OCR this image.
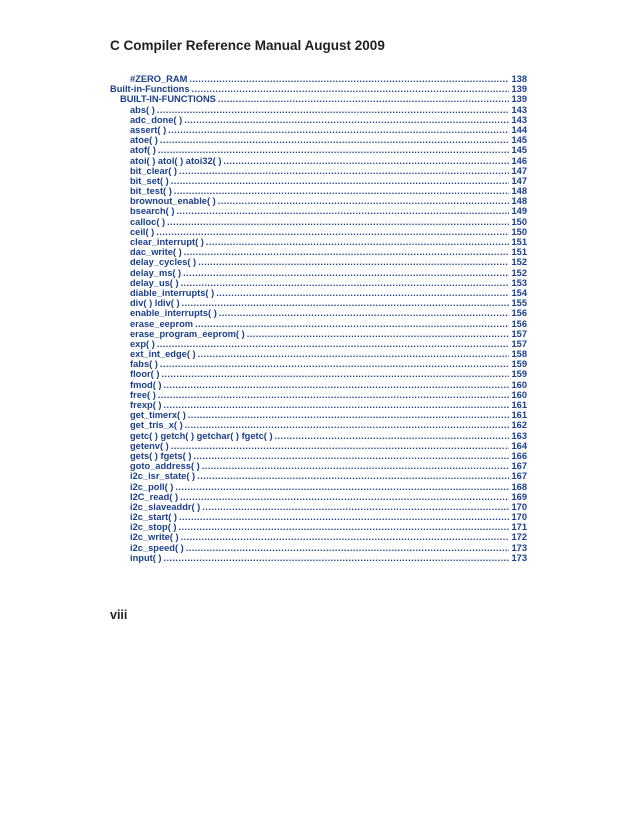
C Compiler Reference Manual August 2009
#ZERO_RAM .....	138
Built-in-Functions .....	139
BUILT-IN-FUNCTIONS .....	139
abs( ) .....	143
adc_done( ) .....	143
assert( ) .....	144
atoe( ) .....	145
atof( ) .....	145
atoi( ) atol( ) atoi32( ) .....	146
bit_clear( ) .....	147
bit_set( ) .....	147
bit_test( ) .....	148
brownout_enable( ) .....	148
bsearch( ) .....	149
calloc( ) .....	150
ceil( ) .....	150
clear_interrupt( ) .....	151
dac_write( ) .....	151
delay_cycles( ) .....	152
delay_ms( ) .....	152
delay_us( ) .....	153
diable_interrupts( ) .....	154
div( ) ldiv( ) .....	155
enable_interrupts( ) .....	156
erase_eeprom .....	156
erase_program_eeprom( ) .....	157
exp( ) .....	157
ext_int_edge( ) .....	158
fabs( ) .....	159
floor( ) .....	159
fmod( ) .....	160
free( ) .....	160
frexp( ) .....	161
get_timerx( ) .....	161
get_tris_x( ) .....	162
getc( ) getch( ) getchar( ) fgetc( ) .....	163
getenv( ) .....	164
gets( ) fgets( ) .....	166
goto_address( ) .....	167
i2c_isr_state( ) .....	167
i2c_poll( ) .....	168
I2C_read( ) .....	169
i2c_slaveaddr( ) .....	170
i2c_start( ) .....	170
i2c_stop( ) .....	171
i2c_write( ) .....	172
i2c_speed( ) .....	173
input( ) .....	173
viii
